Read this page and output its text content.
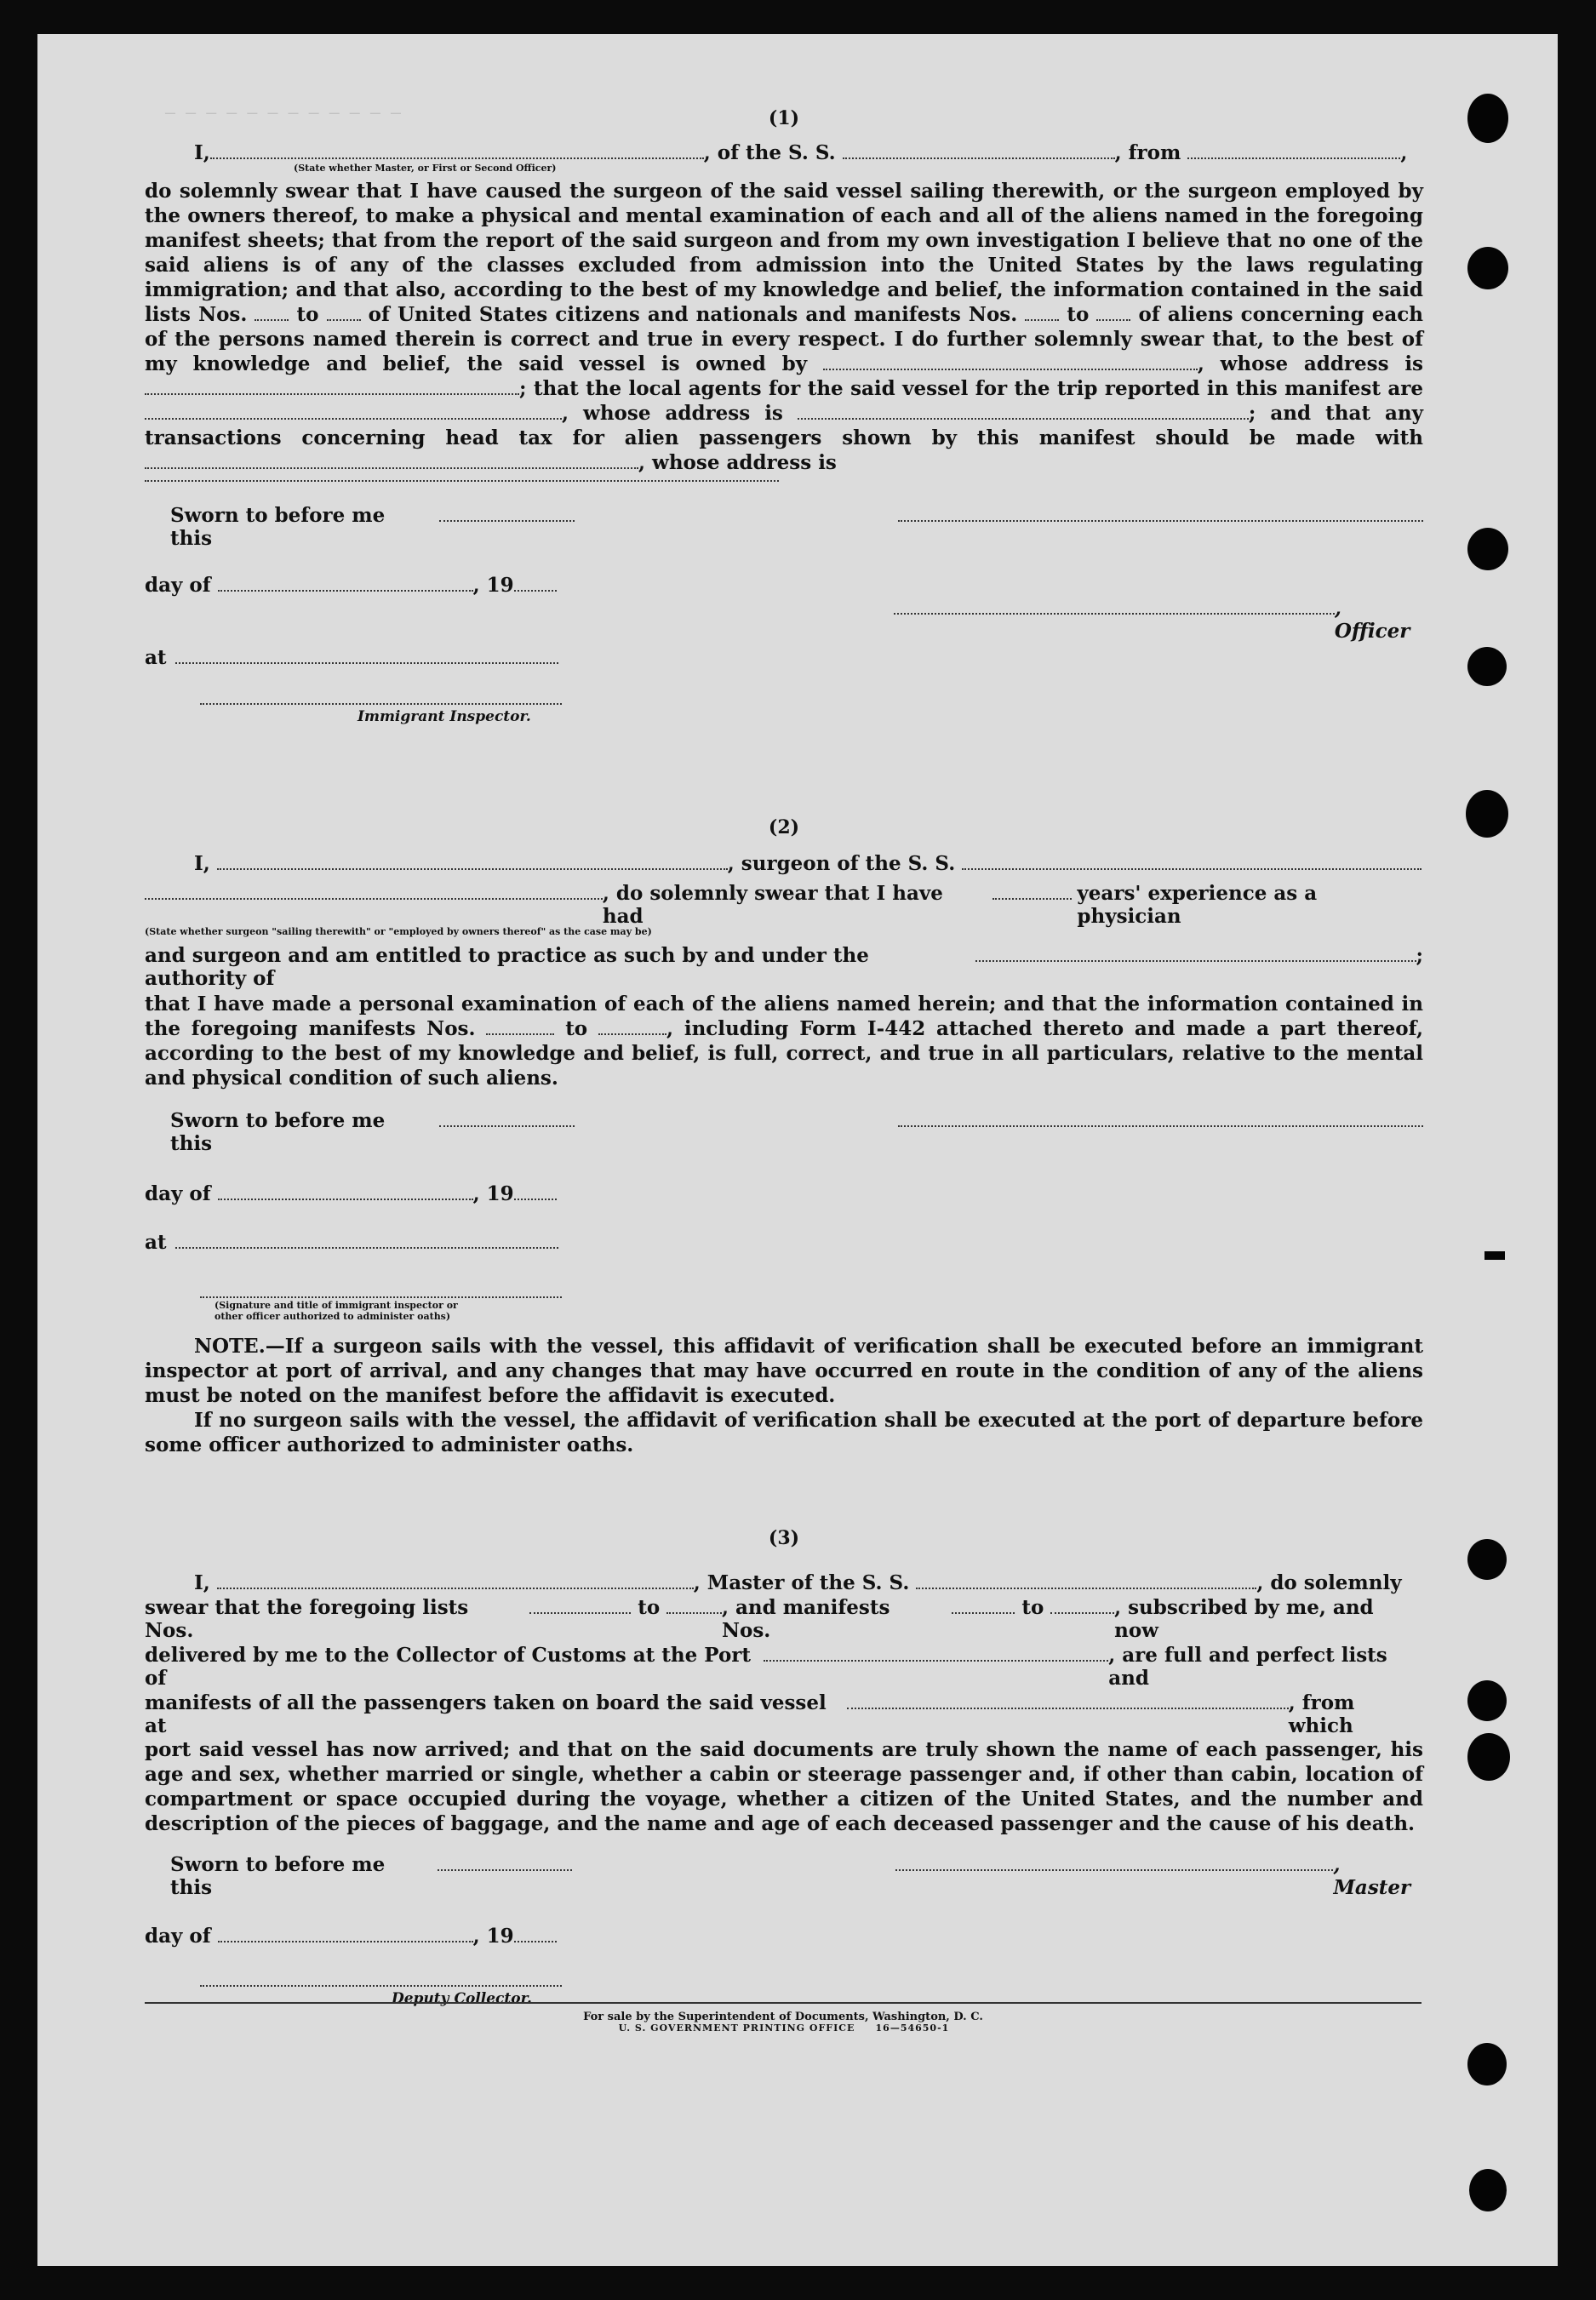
— — — — — — — — — — — —	(1)

I,	, of the S. S.	, from	,
(State whether Master, or First or Second Officer)

do solemnly swear that I have caused the surgeon of the said vessel sailing therewith, or the surgeon employed by the owners thereof, to make a physical and mental examination of each and all of the aliens named in the foregoing manifest sheets; that from the report of the said surgeon and from my own investigation I believe that no one of the said aliens is of any of the classes excluded from admission into the United States by the laws regulating immigration; and that also, according to the best of my knowledge and belief, the information contained in the said lists Nos.	to	of United States citizens and nationals and manifests Nos.	to	of aliens concerning each of the persons named therein is correct and true in every respect. I do further solemnly swear that, to the best of my knowledge and belief, the said vessel is owned by	, whose address is ; that the local agents for the said vessel for the trip reported in this manifest are , whose address is	; and that any transactions concerning head tax for alien passengers shown by this manifest should be made with , whose address is

Sworn to before me this
day of	, 19
, Officer
at
Immigrant Inspector.

(2)

I,	, surgeon of the S. S.
, do solemnly swear that I have had
years' experience as a physician
(State whether surgeon "sailing therewith" or "employed by owners thereof" as the case may be)
and surgeon and am entitled to practice as such by and under the authority of
;

that I have made a personal examination of each of the aliens named herein; and that the information contained in the foregoing manifests Nos.	to	, including Form I-442 attached thereto and made a part thereof, according to the best of my knowledge and belief, is full, correct, and true in all particulars, relative to the mental and physical condition of such aliens.

Sworn to before me this
day of	, 19
at
(Signature and title of immigrant inspector or
other officer authorized to administer oaths)

NOTE.—If a surgeon sails with the vessel, this affidavit of verification shall be executed before an immigrant inspector at port of arrival, and any changes that may have occurred en route in the condition of any of the aliens must be noted on the manifest before the affidavit is executed.

If no surgeon sails with the vessel, the affidavit of verification shall be executed at the port of departure before some officer authorized to administer oaths.

(3)

I,	, Master of the S. S.	, do solemnly
swear that the foregoing lists Nos.
to	, and manifests Nos.
to	, subscribed by me, and now
delivered by me to the Collector of Customs at the Port of
, are full and perfect lists and
manifests of all the passengers taken on board the said vessel at
, from which

port said vessel has now arrived; and that on the said documents are truly shown the name of each passenger, his age and sex, whether married or single, whether a cabin or steerage passenger and, if other than cabin, location of compartment or space occupied during the voyage, whether a citizen of the United States, and the number and description of the pieces of baggage, and the name and age of each deceased passenger and the cause of his death.

Sworn to before me this
, Master
day of	, 19
Deputy Collector.
U. S. GOVERNMENT PRINTING OFFICE     16—54650-1
For sale by the Superintendent of Documents, Washington, D. C.
